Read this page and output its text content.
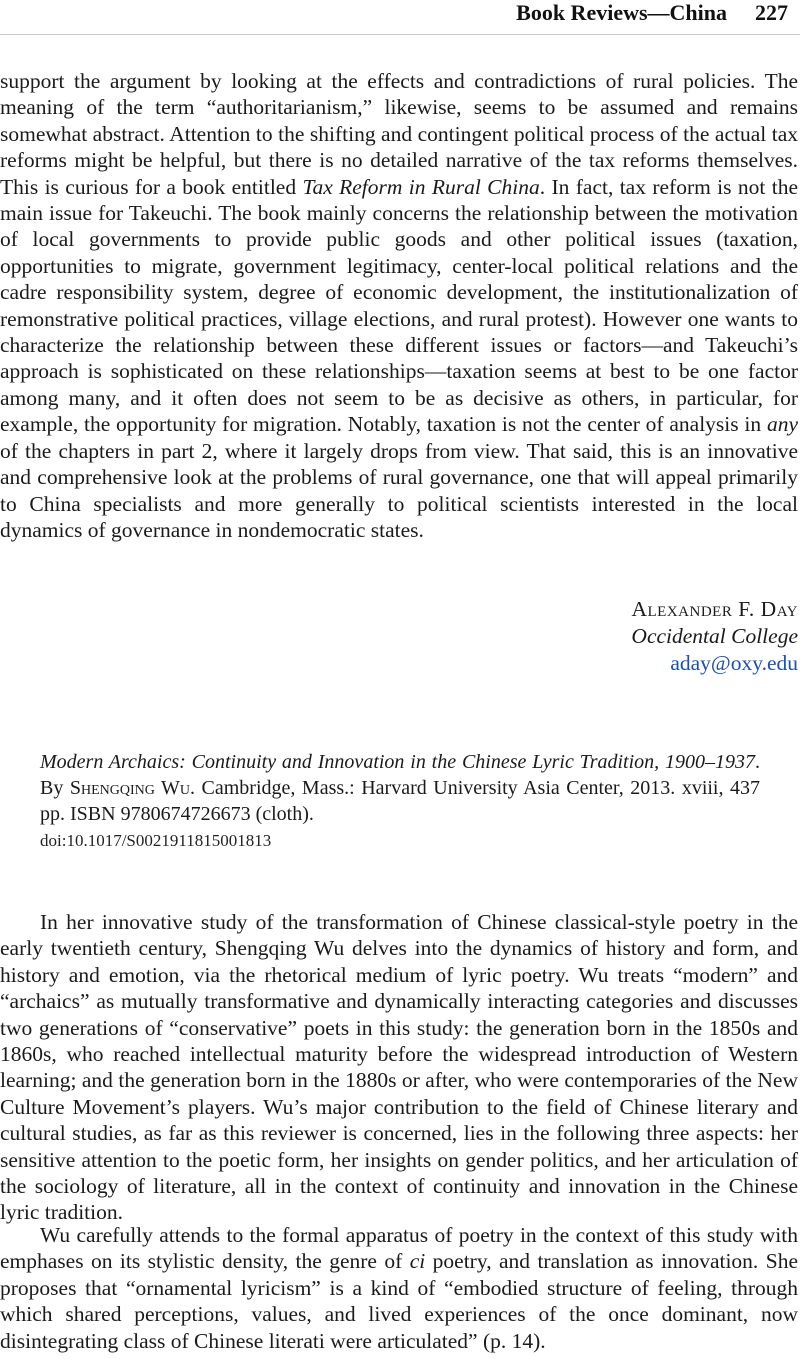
Book Reviews—China 227

support the argument by looking at the effects and contradictions of rural policies. The meaning of the term “authoritarianism,” likewise, seems to be assumed and remains somewhat abstract. Attention to the shifting and contingent political process of the actual tax reforms might be helpful, but there is no detailed narrative of the tax reforms themselves. This is curious for a book entitled Tax Reform in Rural China. In fact, tax reform is not the main issue for Takeuchi. The book mainly concerns the relationship between the motivation of local governments to provide public goods and other political issues (taxation, opportunities to migrate, government legitimacy, center-local political relations and the cadre responsibility system, degree of economic development, the institutionalization of remonstrative political practices, village elections, and rural protest). However one wants to characterize the relationship between these different issues or factors—and Takeuchi’s approach is sophisticated on these relationships—taxation seems at best to be one factor among many, and it often does not seem to be as decisive as others, in particular, for example, the opportunity for migration. Notably, taxation is not the center of analysis in any of the chapters in part 2, where it largely drops from view. That said, this is an innovative and comprehensive look at the problems of rural governance, one that will appeal primarily to China specialists and more generally to political scientists interested in the local dynamics of governance in nondemocratic states.

Alexander F. Day
Occidental College
aday@oxy.edu
Modern Archaics: Continuity and Innovation in the Chinese Lyric Tradition, 1900–1937. By Shengqing Wu. Cambridge, Mass.: Harvard University Asia Center, 2013. xviii, 437 pp. ISBN 9780674726673 (cloth).
doi:10.1017/S0021911815001813

In her innovative study of the transformation of Chinese classical-style poetry in the early twentieth century, Shengqing Wu delves into the dynamics of history and form, and history and emotion, via the rhetorical medium of lyric poetry. Wu treats “modern” and “archaics” as mutually transformative and dynamically interacting categories and discusses two generations of “conservative” poets in this study: the generation born in the 1850s and 1860s, who reached intellectual maturity before the widespread introduction of Western learning; and the generation born in the 1880s or after, who were contemporaries of the New Culture Movement’s players. Wu’s major contribution to the field of Chinese literary and cultural studies, as far as this reviewer is concerned, lies in the following three aspects: her sensitive attention to the poetic form, her insights on gender politics, and her articulation of the sociology of literature, all in the context of continuity and innovation in the Chinese lyric tradition.

Wu carefully attends to the formal apparatus of poetry in the context of this study with emphases on its stylistic density, the genre of ci poetry, and translation as innovation. She proposes that “ornamental lyricism” is a kind of “embodied structure of feeling, through which shared perceptions, values, and lived experiences of the once dominant, now disintegrating class of Chinese literati were articulated” (p. 14).
